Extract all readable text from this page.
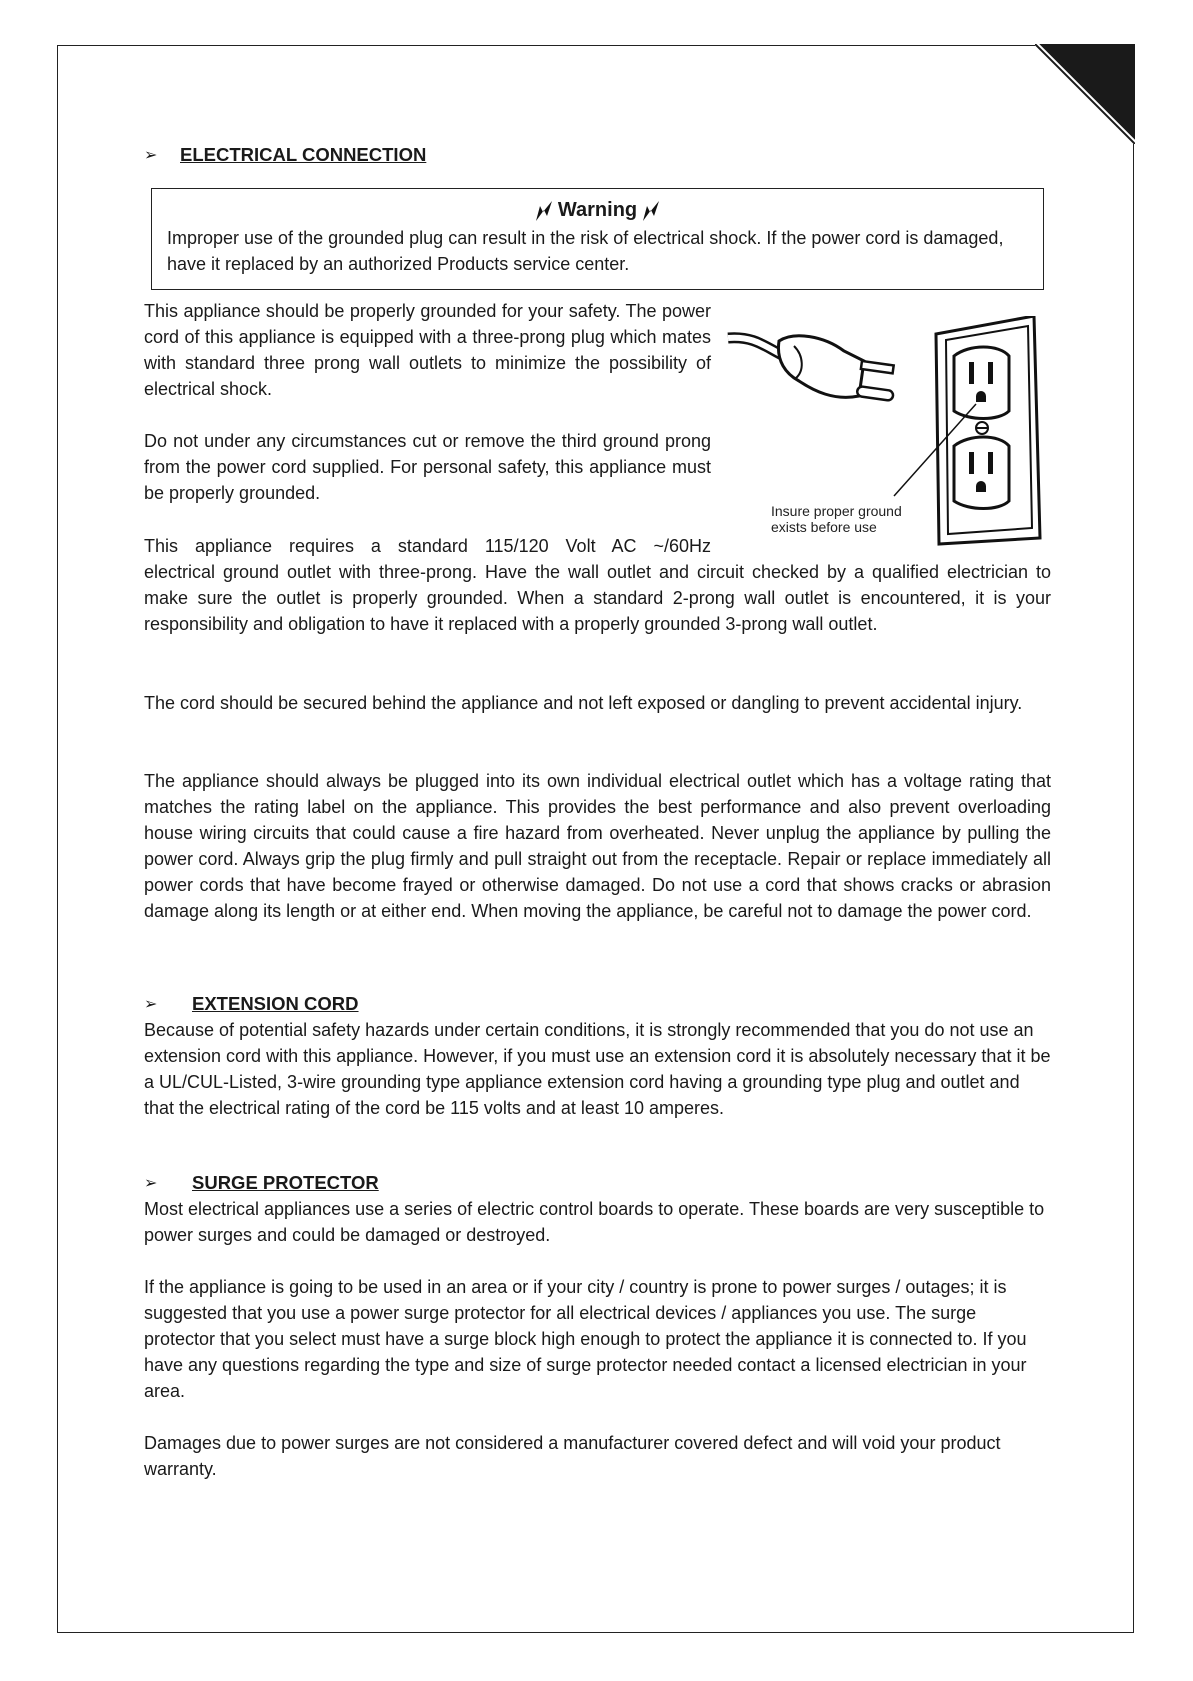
➢	ELECTRICAL CONNECTION
Warning
Improper use of the grounded plug can result in the risk of electrical shock. If the power cord is damaged, have it replaced by an authorized Products service center.
This appliance should be properly grounded for your safety. The power cord of this appliance is equipped with a three-prong plug which mates with standard three prong wall outlets to minimize the possibility of electrical shock.
Do not under any circumstances cut or remove the third ground prong from the power cord supplied. For personal safety, this appliance must be properly grounded.
This appliance requires a standard 115/120 Volt AC ~/60Hz
electrical ground outlet with three-prong. Have the wall outlet and circuit checked by a qualified electrician to make sure the outlet is properly grounded. When a standard 2-prong wall outlet is encountered, it is your responsibility and obligation to have it replaced with a properly grounded 3-prong wall outlet.
Insure proper ground
exists before use
The cord should be secured behind the appliance and not left exposed or dangling to prevent accidental injury.
The appliance should always be plugged into its own individual electrical outlet which has a voltage rating that matches the rating label on the appliance. This provides the best performance and also prevent overloading house wiring circuits that could cause a fire hazard from overheated. Never unplug the appliance by pulling the power cord. Always grip the plug firmly and pull straight out from the receptacle. Repair or replace immediately all power cords that have become frayed or otherwise damaged. Do not use a cord that shows cracks or abrasion damage along its length or at either end. When moving the appliance, be careful not to damage the power cord.
➢	EXTENSION CORD
Because of potential safety hazards under certain conditions, it is strongly recommended that you do not use an extension cord with this appliance. However, if you must use an extension cord it is absolutely necessary that it be a UL/CUL-Listed, 3-wire grounding type appliance extension cord having a grounding type plug and outlet and that the electrical rating of the cord be 115 volts and at least 10 amperes.
➢	SURGE PROTECTOR
Most electrical appliances use a series of electric control boards to operate. These boards are very susceptible to power surges and could be damaged or destroyed.
If the appliance is going to be used in an area or if your city / country is prone to power surges / outages; it is suggested that you use a power surge protector for all electrical devices / appliances you use. The surge protector that you select must have a surge block high enough to protect the appliance it is connected to. If you have any questions regarding the type and size of surge protector needed contact a licensed electrician in your area.
Damages due to power surges are not considered a manufacturer covered defect and will void your product warranty.
